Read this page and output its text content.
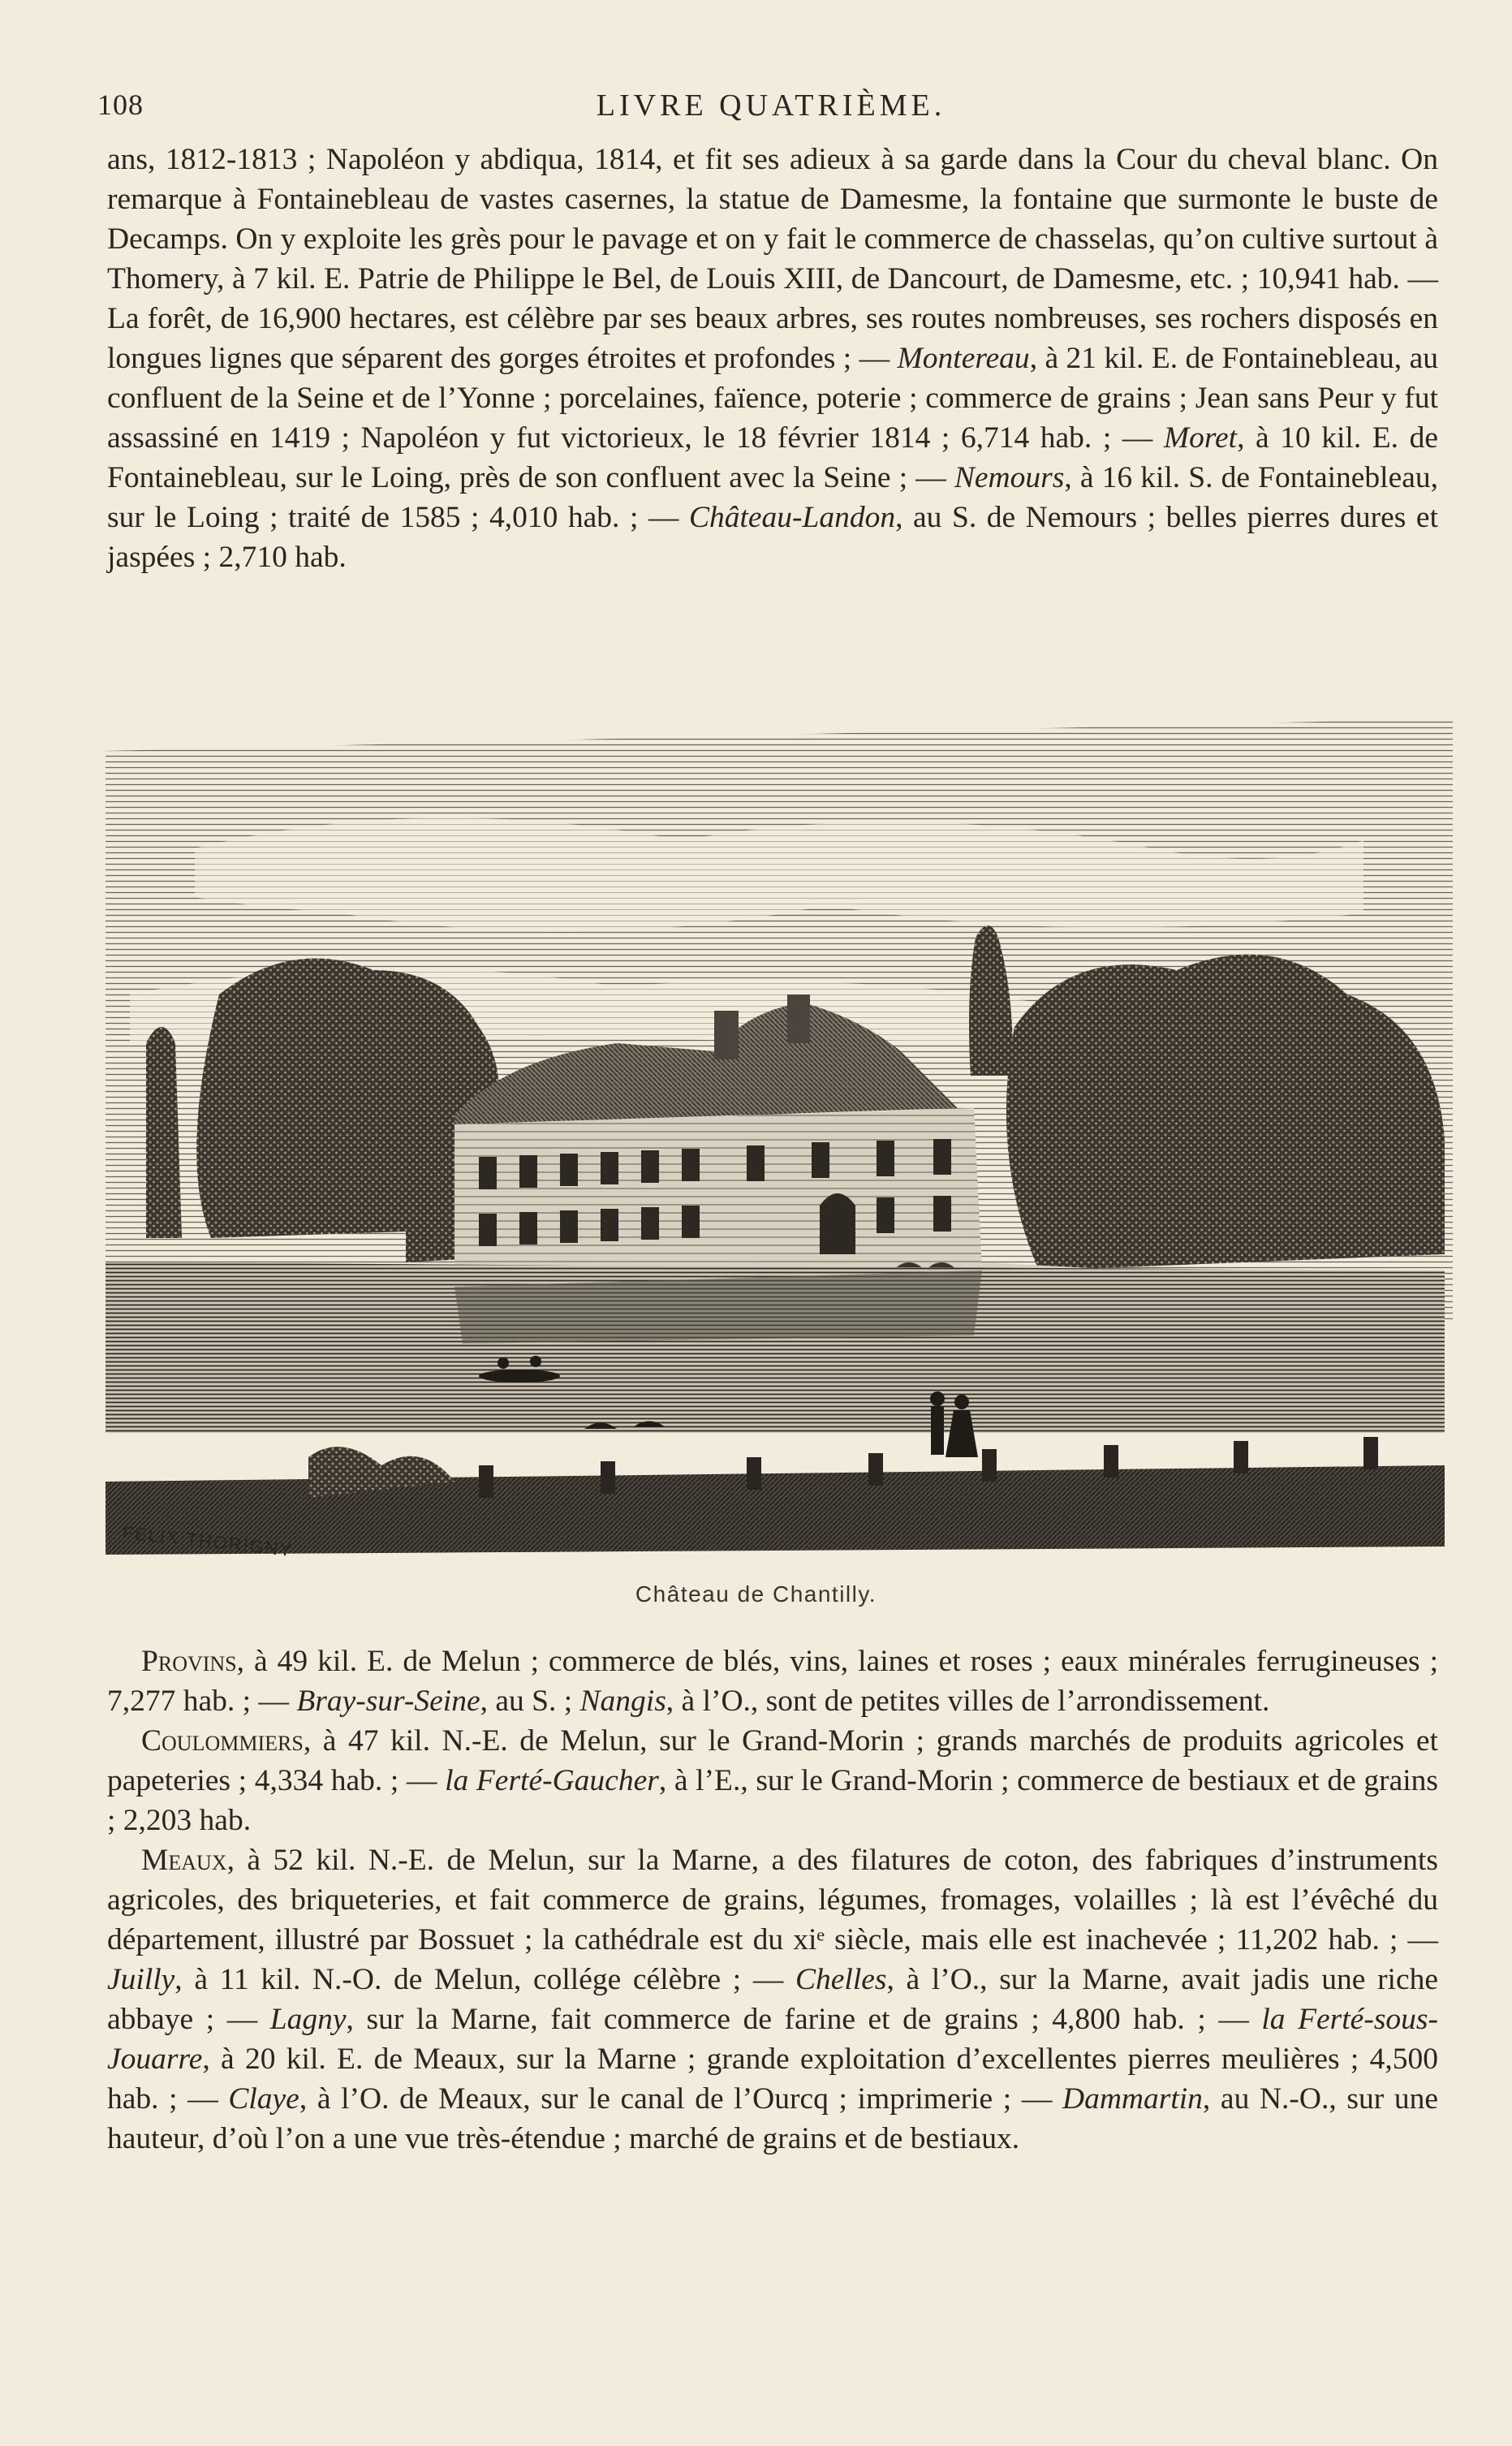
108	LIVRE QUATRIÈME.

ans, 1812-1813 ; Napoléon y abdiqua, 1814, et fit ses adieux à sa garde dans la Cour du cheval blanc. On remarque à Fontainebleau de vastes casernes, la statue de Damesme, la fontaine que surmonte le buste de Decamps. On y exploite les grès pour le pavage et on y fait le commerce de chasselas, qu’on cultive surtout à Thomery, à 7 kil. E. Patrie de Philippe le Bel, de Louis XIII, de Dancourt, de Damesme, etc. ; 10,941 hab. — La forêt, de 16,900 hectares, est célèbre par ses beaux arbres, ses routes nombreuses, ses rochers disposés en longues lignes que séparent des gorges étroites et profondes ; — Montereau, à 21 kil. E. de Fontainebleau, au confluent de la Seine et de l’Yonne ; porcelaines, faïence, poterie ; commerce de grains ; Jean sans Peur y fut assassiné en 1419 ; Napoléon y fut victorieux, le 18 février 1814 ; 6,714 hab. ; — Moret, à 10 kil. E. de Fontainebleau, sur le Loing, près de son confluent avec la Seine ; — Nemours, à 16 kil. S. de Fontainebleau, sur le Loing ; traité de 1585 ; 4,010 hab. ; — Château-Landon, au S. de Nemours ; belles pierres dures et jaspées ; 2,710 hab.

FELIX.THORIGNY
Château de Chantilly.

Provins, à 49 kil. E. de Melun ; commerce de blés, vins, laines et roses ; eaux minérales ferrugineuses ; 7,277 hab. ; — Bray-sur-Seine, au S. ; Nangis, à l’O., sont de petites villes de l’arrondissement.

Coulommiers, à 47 kil. N.-E. de Melun, sur le Grand-Morin ; grands marchés de produits agricoles et papeteries ; 4,334 hab. ; — la Ferté-Gaucher, à l’E., sur le Grand-Morin ; commerce de bestiaux et de grains ; 2,203 hab.

Meaux, à 52 kil. N.-E. de Melun, sur la Marne, a des filatures de coton, des fabriques d’instruments agricoles, des briqueteries, et fait commerce de grains, légumes, fromages, volailles ; là est l’évêché du département, illustré par Bossuet ; la cathédrale est du xiᵉ siècle, mais elle est inachevée ; 11,202 hab. ; — Juilly, à 11 kil. N.-O. de Melun, collége célèbre ; — Chelles, à l’O., sur la Marne, avait jadis une riche abbaye ; — Lagny, sur la Marne, fait commerce de farine et de grains ; 4,800 hab. ; — la Ferté-sous-Jouarre, à 20 kil. E. de Meaux, sur la Marne ; grande exploitation d’excellentes pierres meulières ; 4,500 hab. ; — Claye, à l’O. de Meaux, sur le canal de l’Ourcq ; imprimerie ; — Dammartin, au N.-O., sur une hauteur, d’où l’on a une vue très-étendue ; marché de grains et de bestiaux.
